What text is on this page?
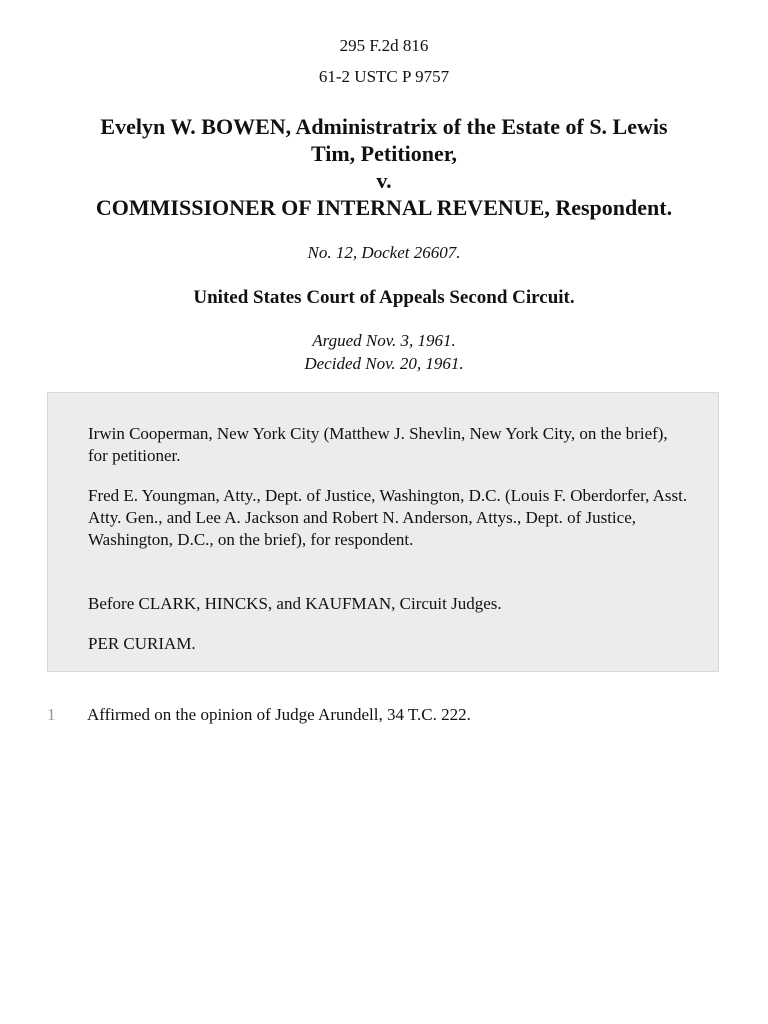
295 F.2d 816
61-2 USTC P 9757
Evelyn W. BOWEN, Administratrix of the Estate of S. Lewis
Tim, Petitioner,
v.
COMMISSIONER OF INTERNAL REVENUE, Respondent.
No. 12, Docket 26607.
United States Court of Appeals Second Circuit.
Argued Nov. 3, 1961.
Decided Nov. 20, 1961.

Irwin Cooperman, New York City (Matthew J. Shevlin, New York City, on the brief), for petitioner.

Fred E. Youngman, Atty., Dept. of Justice, Washington, D.C. (Louis F. Oberdorfer, Asst. Atty. Gen., and Lee A. Jackson and Robert N. Anderson, Attys., Dept. of Justice, Washington, D.C., on the brief), for respondent.

Before CLARK, HINCKS, and KAUFMAN, Circuit Judges.

PER CURIAM.

1 Affirmed on the opinion of Judge Arundell, 34 T.C. 222.
